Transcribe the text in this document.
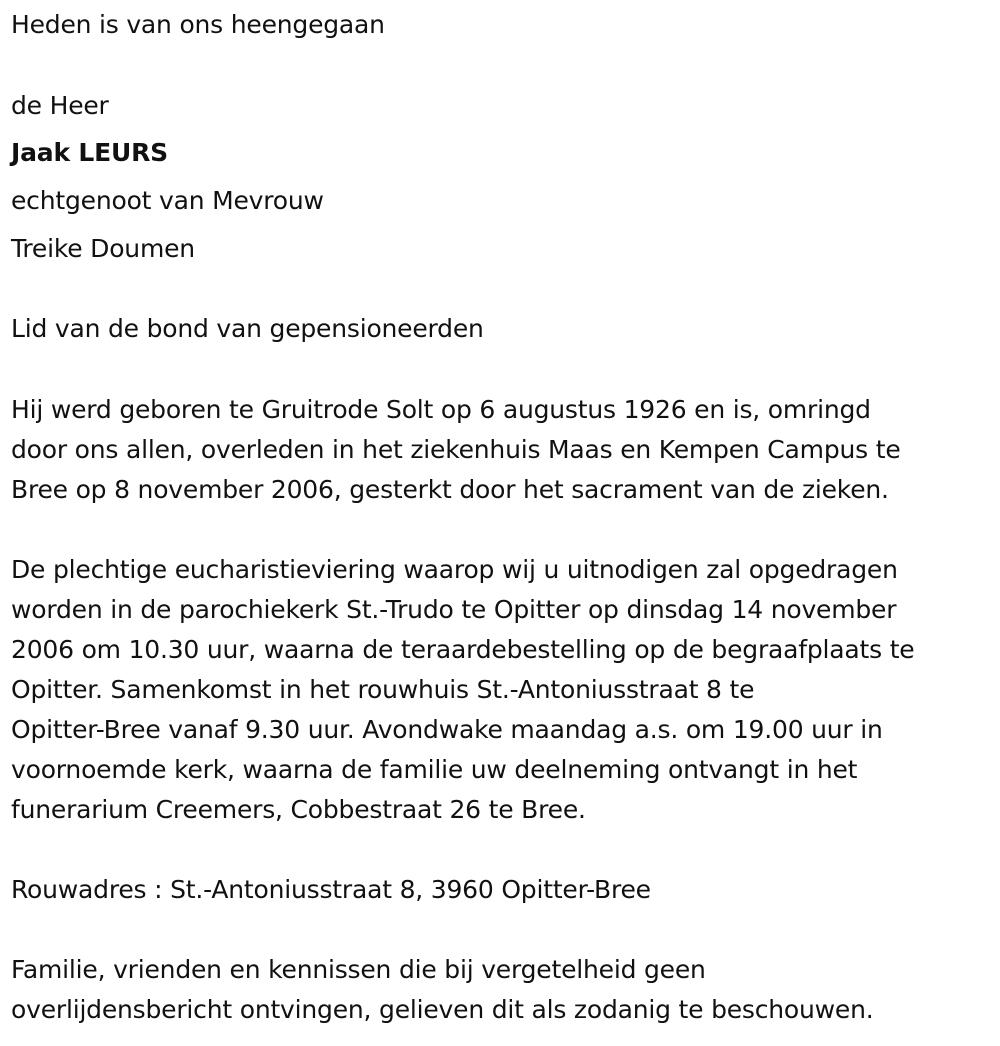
Heden is van ons heengegaan
de Heer
Jaak LEURS
echtgenoot van Mevrouw
Treike Doumen
Lid van de bond van gepensioneerden
Hij werd geboren te Gruitrode Solt op 6 augustus 1926 en is, omringd
door ons allen, overleden in het ziekenhuis Maas en Kempen Campus te
Bree op 8 november 2006, gesterkt door het sacrament van de zieken.
De plechtige eucharistieviering waarop wij u uitnodigen zal opgedragen
worden in de parochiekerk St.-Trudo te Opitter op dinsdag 14 november
2006 om 10.30 uur, waarna de teraardebestelling op de begraafplaats te
Opitter. Samenkomst in het rouwhuis St.-Antoniusstraat 8 te
Opitter-Bree vanaf 9.30 uur. Avondwake maandag a.s. om 19.00 uur in
voornoemde kerk, waarna de familie uw deelneming ontvangt in het
funerarium Creemers, Cobbestraat 26 te Bree.
Rouwadres : St.-Antoniusstraat 8, 3960 Opitter-Bree
Familie, vrienden en kennissen die bij vergetelheid geen
overlijdensbericht ontvingen, gelieven dit als zodanig te beschouwen.
